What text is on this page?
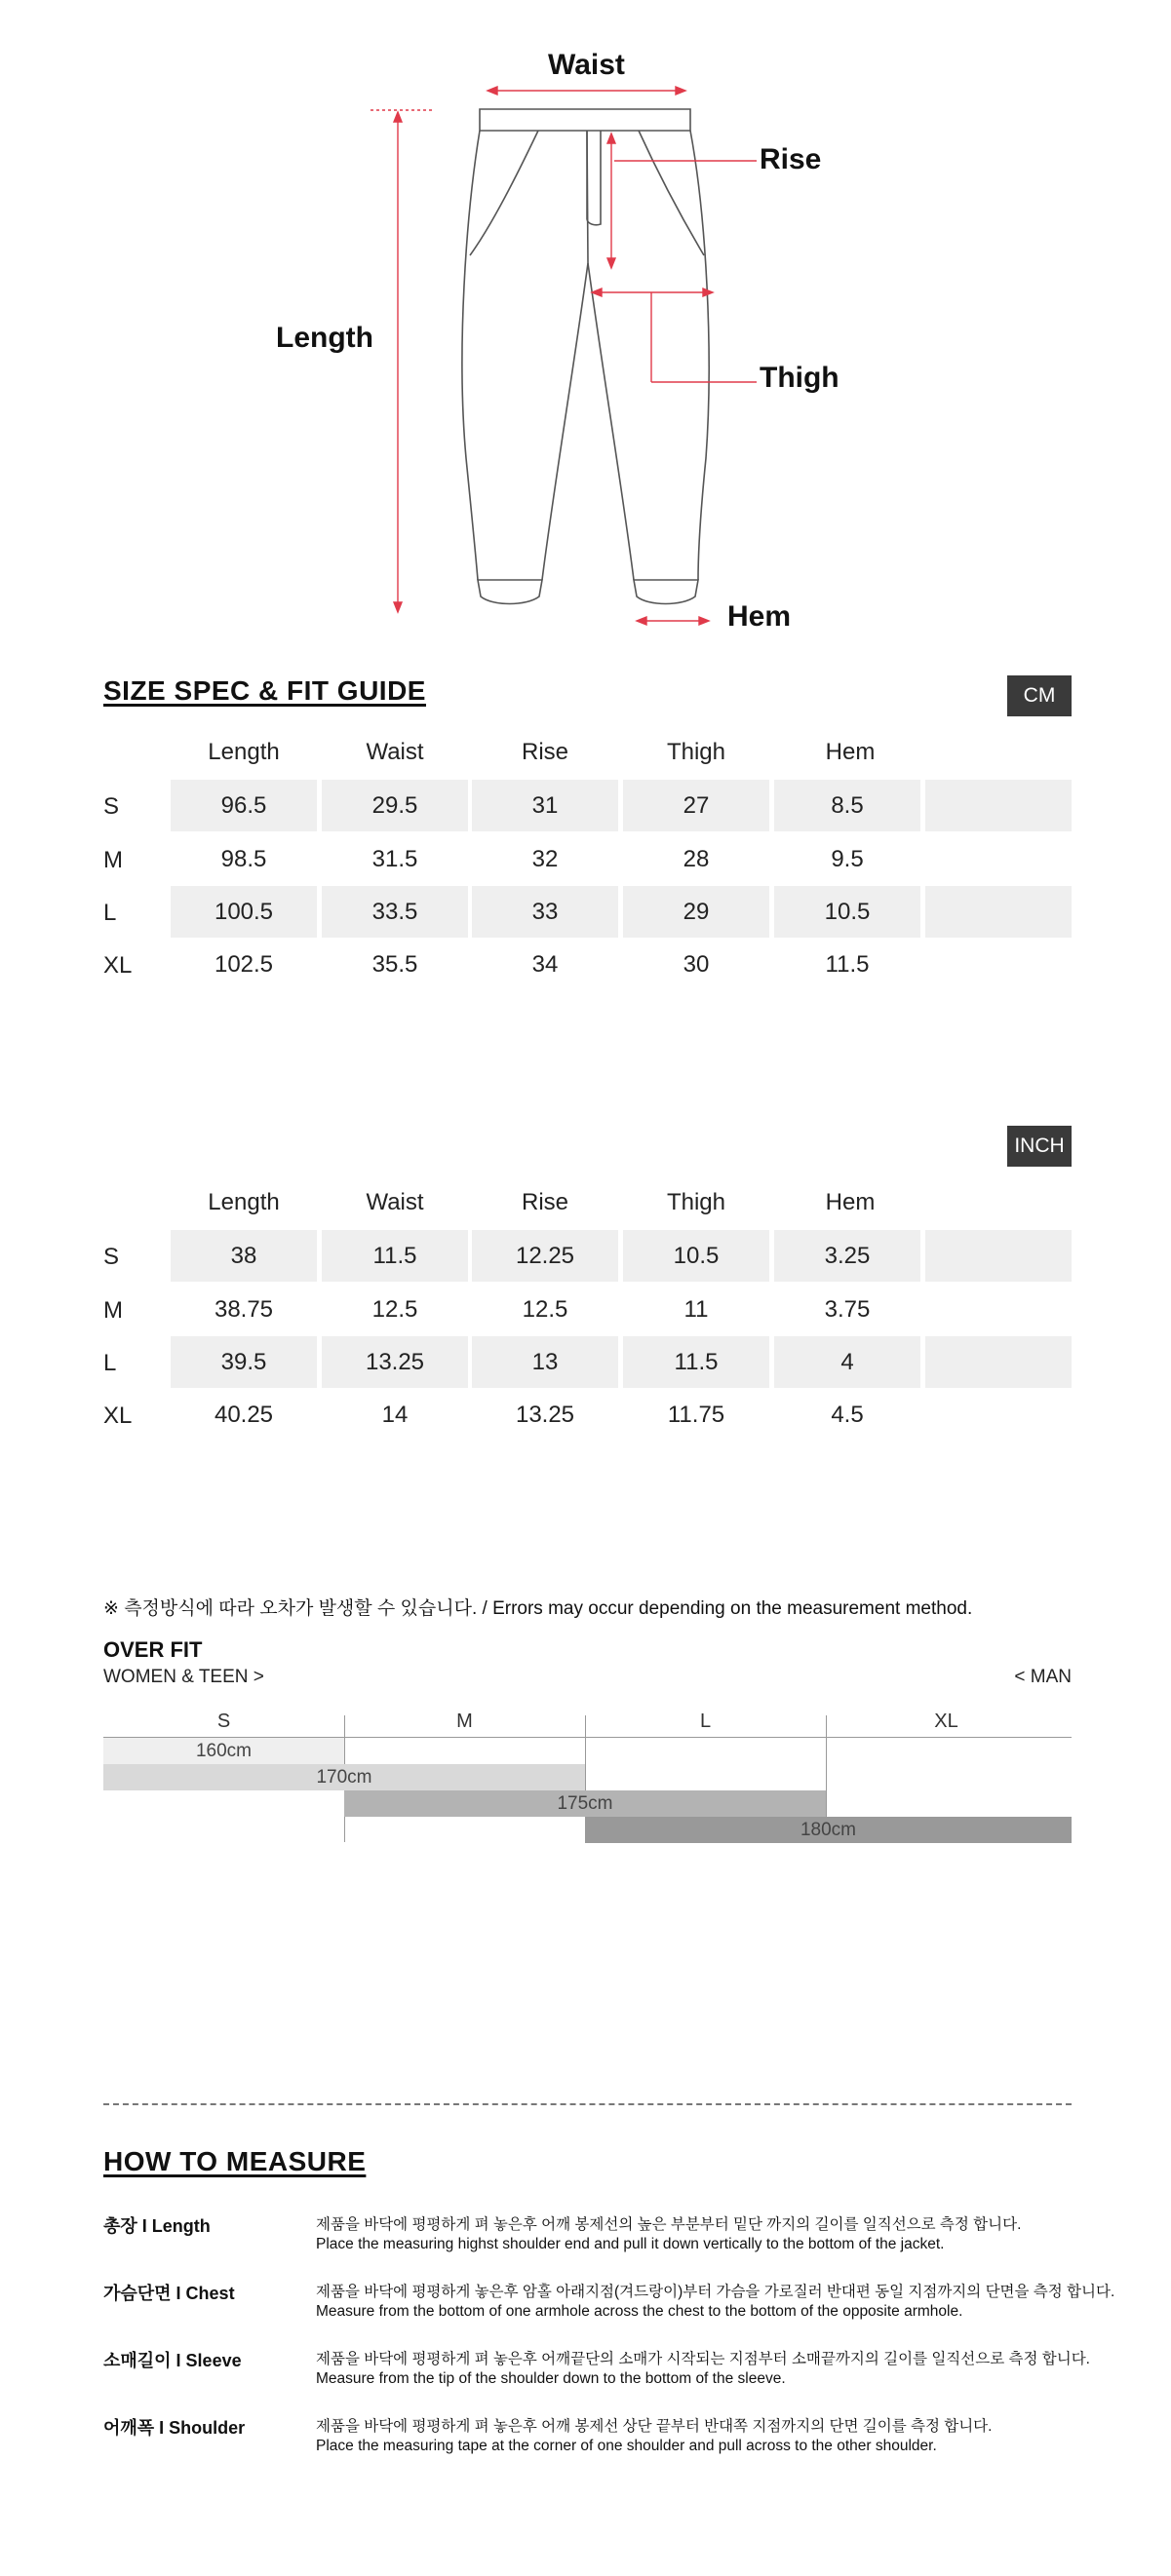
Waist
Rise
Length
Thigh
Hem
SIZE SPEC & FIT GUIDE	CM
Length	Waist	Rise	Thigh	Hem
S	96.5	29.5	31	27	8.5
M	98.5	31.5	32	28	9.5
L	100.5	33.5	33	29	10.5
XL	102.5	35.5	34	30	11.5
INCH
Length	Waist	Rise	Thigh	Hem
S	38	11.5	12.25	10.5	3.25
M	38.75	12.5	12.5	11	3.75
L	39.5	13.25	13	11.5	4
XL	40.25	14	13.25	11.75	4.5
※ 측정방식에 따라 오차가 발생할 수 있습니다. / Errors may occur depending on the measurement method.
OVER FIT
WOMEN & TEEN >	< MAN
S	M	L	XL
160cm
170cm
175cm
180cm
HOW TO MEASURE
총장 I Length	제품을 바닥에 평평하게 펴 놓은후 어깨 봉제선의 높은 부분부터 밑단 까지의 길이를 일직선으로 측정 합니다.
Place the measuring highst shoulder end and pull it down vertically to the bottom of the jacket.
가슴단면 I Chest	제품을 바닥에 평평하게 놓은후 암홀 아래지점(겨드랑이)부터 가슴을 가로질러 반대편 동일 지점까지의 단면을 측정 합니다.
Measure from the bottom of one armhole across the chest to the bottom of the opposite armhole.
소매길이 I Sleeve	제품을 바닥에 평평하게 펴 놓은후 어깨끝단의 소매가 시작되는 지점부터 소매끝까지의 길이를 일직선으로 측정 합니다.
Measure from the tip of the shoulder down to the bottom of the sleeve.
어깨폭 I Shoulder	제품을 바닥에 평평하게 펴 놓은후 어깨 봉제선 상단 끝부터 반대쪽 지점까지의 단면 길이를 측정 합니다.
Place the measuring tape at the corner of one shoulder and pull across to the other shoulder.
